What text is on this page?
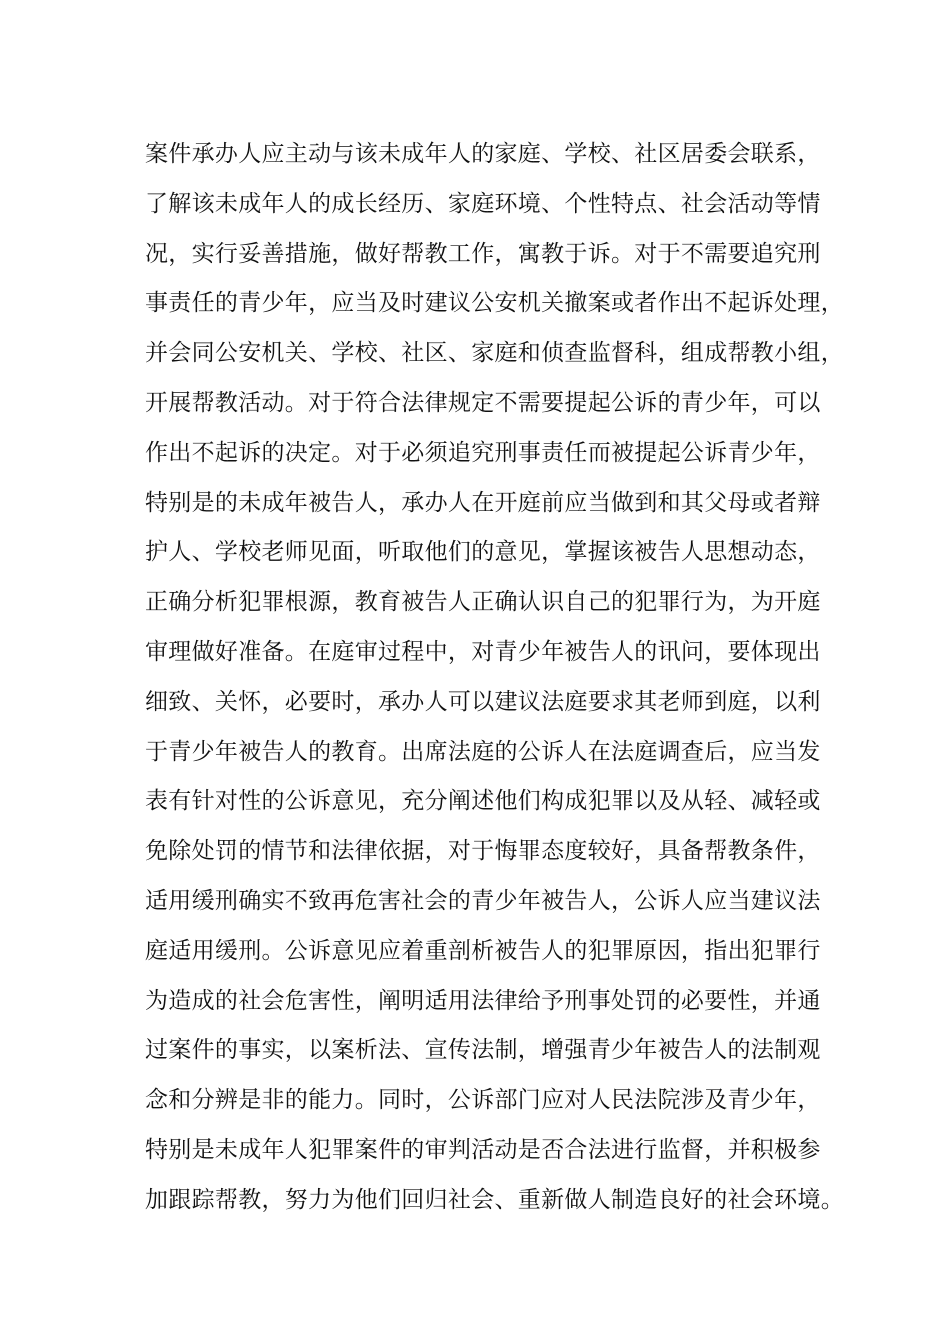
案件承办人应主动与该未成年人的家庭、学校、社区居委会联系，
了解该未成年人的成长经历、家庭环境、个性特点、社会活动等情
况，实行妥善措施，做好帮教工作，寓教于诉。对于不需要追究刑
事责任的青少年，应当及时建议公安机关撤案或者作出不起诉处理，
并会同公安机关、学校、社区、家庭和侦查监督科，组成帮教小组，
开展帮教活动。对于符合法律规定不需要提起公诉的青少年，可以
作出不起诉的决定。对于必须追究刑事责任而被提起公诉青少年，
特别是的未成年被告人，承办人在开庭前应当做到和其父母或者辩
护人、学校老师见面，听取他们的意见，掌握该被告人思想动态，
正确分析犯罪根源，教育被告人正确认识自己的犯罪行为，为开庭
审理做好准备。在庭审过程中，对青少年被告人的讯问，要体现出
细致、关怀，必要时，承办人可以建议法庭要求其老师到庭，以利
于青少年被告人的教育。出席法庭的公诉人在法庭调查后，应当发
表有针对性的公诉意见，充分阐述他们构成犯罪以及从轻、减轻或
免除处罚的情节和法律依据，对于悔罪态度较好，具备帮教条件，
适用缓刑确实不致再危害社会的青少年被告人，公诉人应当建议法
庭适用缓刑。公诉意见应着重剖析被告人的犯罪原因，指出犯罪行
为造成的社会危害性，阐明适用法律给予刑事处罚的必要性，并通
过案件的事实，以案析法、宣传法制，增强青少年被告人的法制观
念和分辨是非的能力。同时，公诉部门应对人民法院涉及青少年，
特别是未成年人犯罪案件的审判活动是否合法进行监督，并积极参
加跟踪帮教，努力为他们回归社会、重新做人制造良好的社会环境。
